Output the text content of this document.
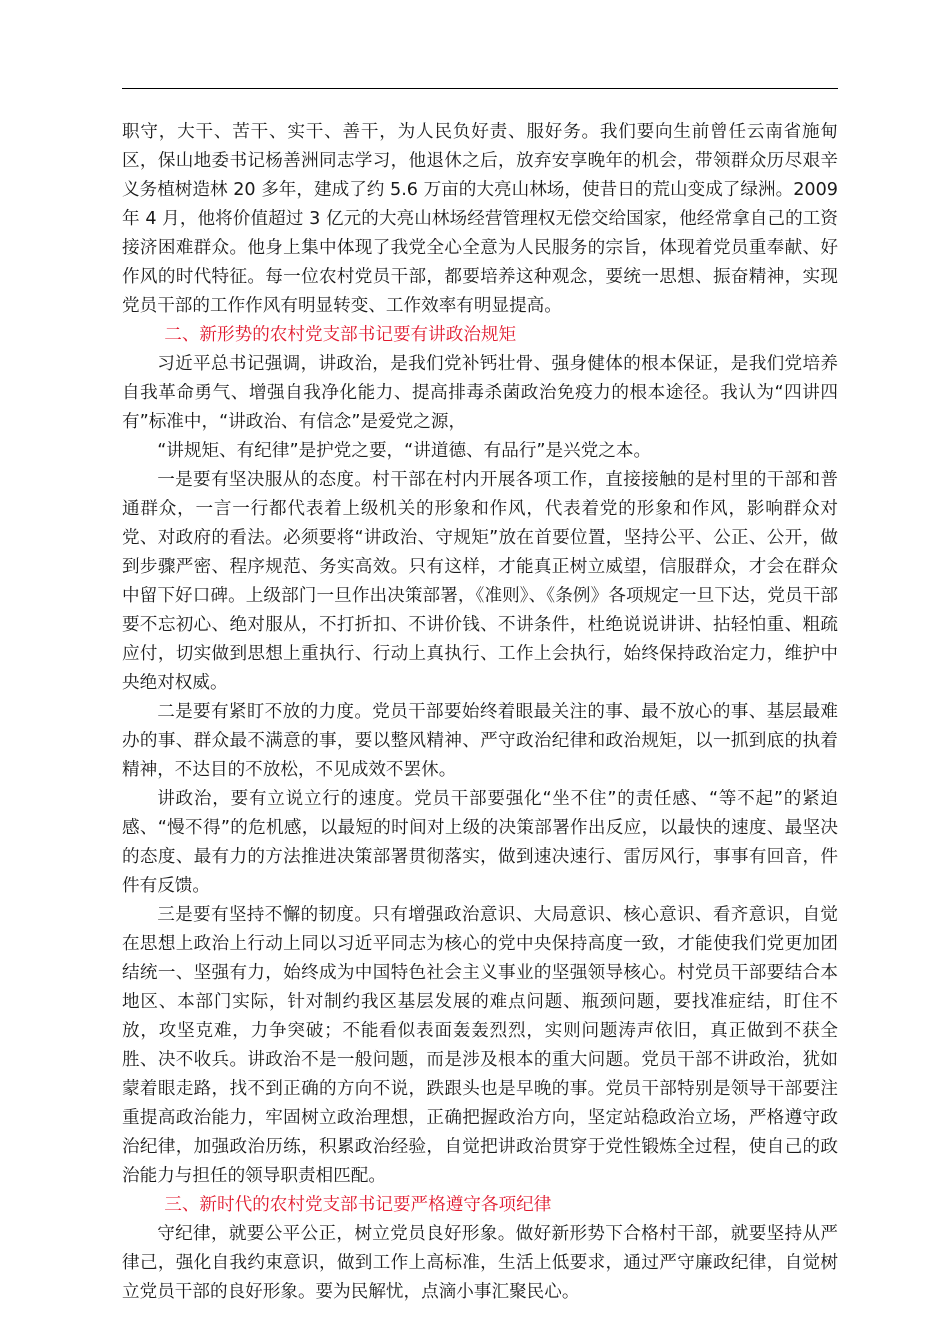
职守，大干、苦干、实干、善干，为人民负好责、服好务。我们要向生前曾任云南省施甸区，保山地委书记杨善洲同志学习，他退休之后，放弃安享晚年的机会，带领群众历尽艰辛义务植树造林 20 多年，建成了约 5.6 万亩的大亮山林场，使昔日的荒山变成了绿洲。2009 年 4 月，他将价值超过 3 亿元的大亮山林场经营管理权无偿交给国家，他经常拿自己的工资接济困难群众。他身上集中体现了我党全心全意为人民服务的宗旨，体现着党员重奉献、好作风的时代特征。每一位农村党员干部，都要培养这种观念，要统一思想、振奋精神，实现党员干部的工作作风有明显转变、工作效率有明显提高。

二、新形势的农村党支部书记要有讲政治规矩

习近平总书记强调，讲政治，是我们党补钙壮骨、强身健体的根本保证，是我们党培养自我革命勇气、增强自我净化能力、提高排毒杀菌政治免疫力的根本途径。我认为“四讲四有”标准中，“讲政治、有信念”是爱党之源，

“讲规矩、有纪律”是护党之要，“讲道德、有品行”是兴党之本。

一是要有坚决服从的态度。村干部在村内开展各项工作，直接接触的是村里的干部和普通群众，一言一行都代表着上级机关的形象和作风，代表着党的形象和作风，影响群众对党、对政府的看法。必须要将“讲政治、守规矩”放在首要位置，坚持公平、公正、公开，做到步骤严密、程序规范、务实高效。只有这样，才能真正树立威望，信服群众，才会在群众中留下好口碑。上级部门一旦作出决策部署，《准则》、《条例》各项规定一旦下达，党员干部要不忘初心、绝对服从，不打折扣、不讲价钱、不讲条件，杜绝说说讲讲、拈轻怕重、粗疏应付，切实做到思想上重执行、行动上真执行、工作上会执行，始终保持政治定力，维护中央绝对权威。

二是要有紧盯不放的力度。党员干部要始终着眼最关注的事、最不放心的事、基层最难办的事、群众最不满意的事，要以整风精神、严守政治纪律和政治规矩，以一抓到底的执着精神，不达目的不放松，不见成效不罢休。

讲政治，要有立说立行的速度。党员干部要强化“坐不住”的责任感、“等不起”的紧迫感、“慢不得”的危机感，以最短的时间对上级的决策部署作出反应，以最快的速度、最坚决的态度、最有力的方法推进决策部署贯彻落实，做到速决速行、雷厉风行，事事有回音，件件有反馈。

三是要有坚持不懈的韧度。只有增强政治意识、大局意识、核心意识、看齐意识，自觉在思想上政治上行动上同以习近平同志为核心的党中央保持高度一致，才能使我们党更加团结统一、坚强有力，始终成为中国特色社会主义事业的坚强领导核心。村党员干部要结合本地区、本部门实际，针对制约我区基层发展的难点问题、瓶颈问题，要找准症结，盯住不放，攻坚克难，力争突破；不能看似表面轰轰烈烈，实则问题涛声依旧，真正做到不获全胜、决不收兵。讲政治不是一般问题，而是涉及根本的重大问题。党员干部不讲政治，犹如蒙着眼走路，找不到正确的方向不说，跌跟头也是早晚的事。党员干部特别是领导干部要注重提高政治能力，牢固树立政治理想，正确把握政治方向，坚定站稳政治立场，严格遵守政治纪律，加强政治历练，积累政治经验，自觉把讲政治贯穿于党性锻炼全过程，使自己的政治能力与担任的领导职责相匹配。

三、新时代的农村党支部书记要严格遵守各项纪律

守纪律，就要公平公正，树立党员良好形象。做好新形势下合格村干部，就要坚持从严律己，强化自我约束意识，做到工作上高标准，生活上低要求，通过严守廉政纪律，自觉树立党员干部的良好形象。要为民解忧，点滴小事汇聚民心。
